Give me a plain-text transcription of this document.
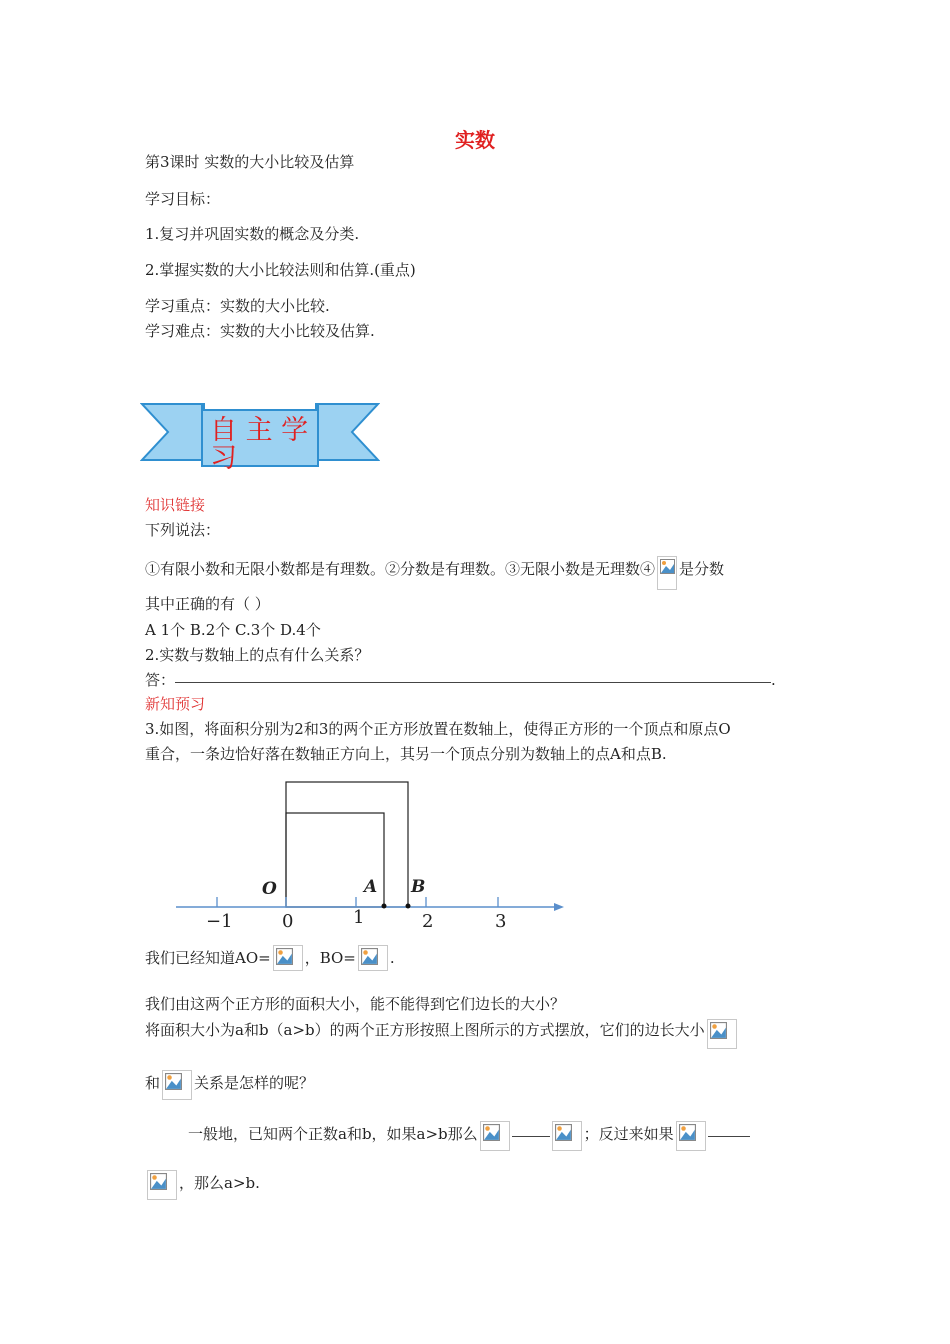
实数
第3课时 实数的大小比较及估算
学习目标：
1.复习并巩固实数的概念及分类.
2.掌握实数的大小比较法则和估算.(重点)
学习重点：实数的大小比较.
学习难点：实数的大小比较及估算.
自 主 学
习
知识链接
下列说法：
①有限小数和无限小数都是有理数。②分数是有理数。③无限小数是无理数④ 是分数
其中正确的有（ ）
A 1个 B.2个 C.3个 D.4个
2.实数与数轴上的点有什么关系？
答：	.
新知预习
3.如图，将面积分别为2和3的两个正方形放置在数轴上，使得正方形的一个顶点和原点O
重合，一条边恰好落在数轴正方向上，其另一个顶点分别为数轴上的点A和点B.
−1	0	1	2	3
O	A B
我们已经知道AO= ，BO= .
我们由这两个正方形的面积大小，能不能得到它们边长的大小？
将面积大小为a和b（a>b）的两个正方形按照上图所示的方式摆放，它们的边长大小
和 关系是怎样的呢？
一般地，已知两个正数a和b，如果a>b那么	；反过来如果
，那么a>b.
